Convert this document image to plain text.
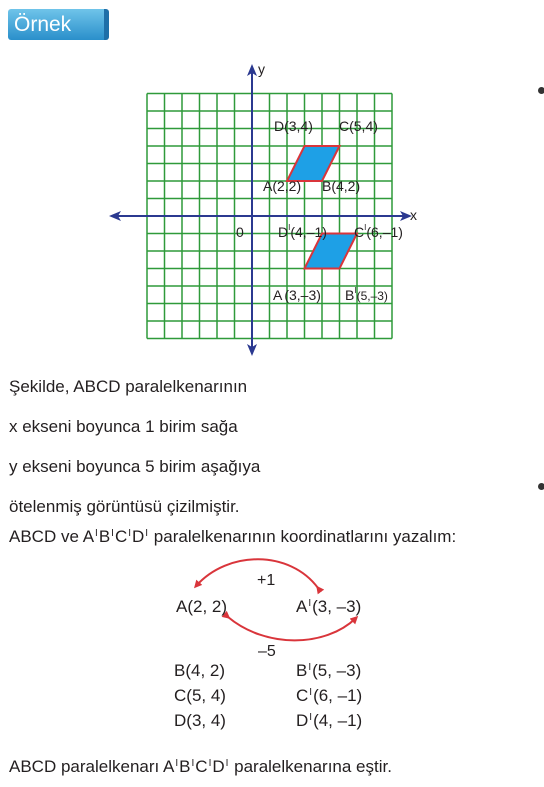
Örnek
x
y
0
D(3,4) C(5,4)
A(2,2) B(4,2)
$D^I(4,-1)$ $C^I(6,-1)$
A (3,–3) $B^I(5,-3)$
Şekilde, ABCD paralelkenarının
x ekseni boyunca 1 birim sağa
y ekseni boyunca 5 birim aşağıya
ötelenmiş görüntüsü çizilmiştir.
ABCD ve $A^IB^IC^ID^I$ paralelkenarının koordinatlarını yazalım:
+1
–5
A(2, 2)	$A^I(3$, –3)
B(4, 2)	$B^I(5$, –3)
C(5, 4)	$C^I(6$, –1)
D(3, 4)	$D^I(4$, –1)
ABCD paralelkenarı $A^IB^IC^ID^I$ paralelkenarına eştir.
